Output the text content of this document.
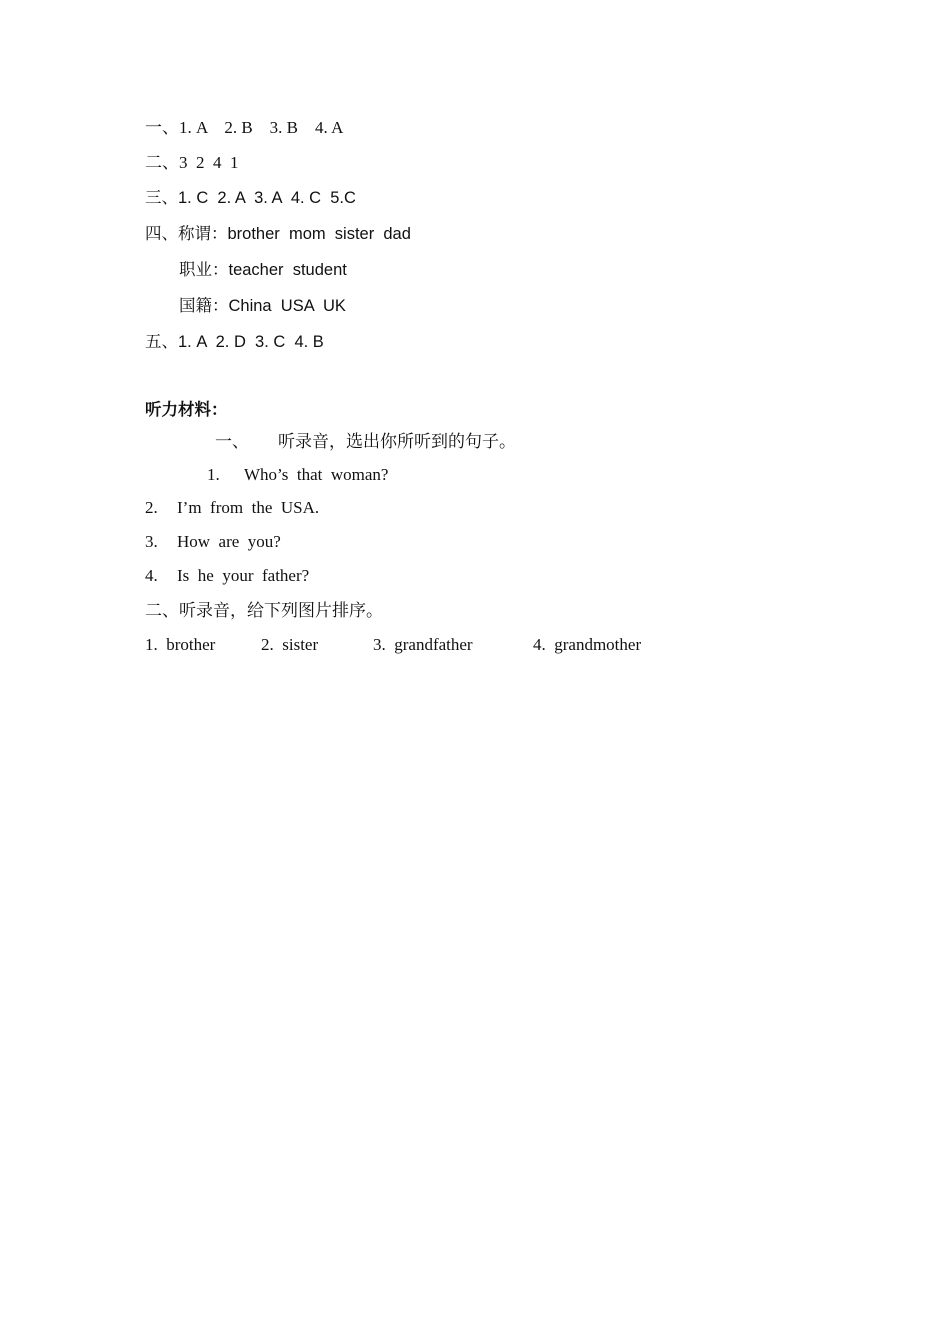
一、1. A    2. B    3. B    4. A
二、3  2  4  1
三、1. C  2. A  3. A  4. C  5.C
四、称谓：brother  mom  sister  dad
职业：teacher  student
国籍：China  USA  UK
五、1. A  2. D  3. C  4. B
听力材料：
一、 听录音，选出你所听到的句子。

1.

Who’s  that  woman?

2.

I’m  from  the  USA.

3.

How  are  you?

4.

Is  he  your  father?

二、听录音，给下列图片排序。

1.  brother

	2.  sister

	3.  grandfather

	4.  grandmother
